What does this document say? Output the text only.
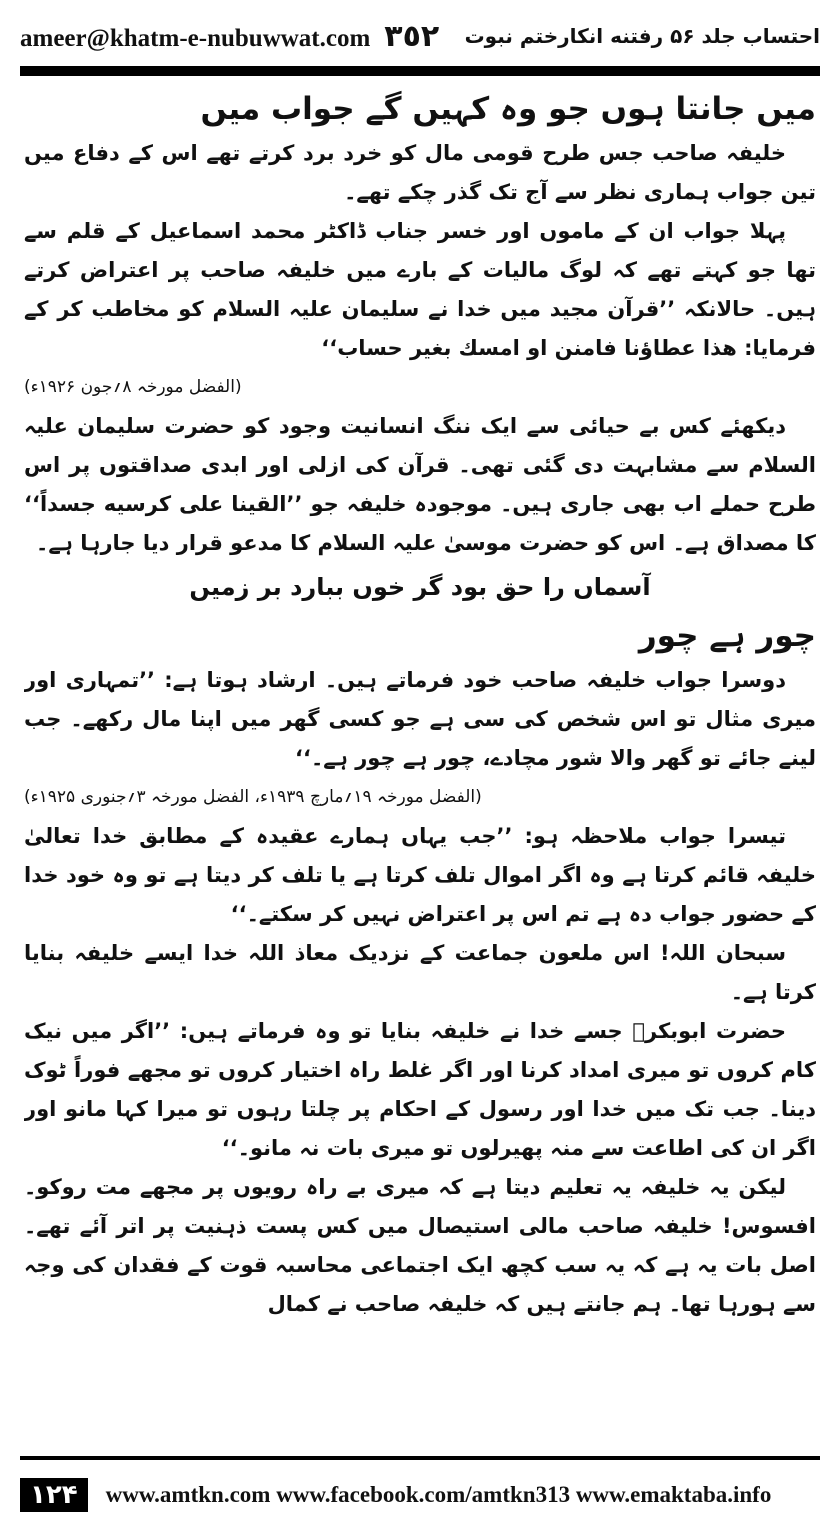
ameer@khatm-e-nubuwwat.com ٣٥٢ احتساب جلد ۵۶ رفتنه انکارختم نبوت
میں جانتا ہوں جو وہ کہیں گے جواب میں

خلیفہ صاحب جس طرح قومی مال کو خرد برد کرتے تھے اس کے دفاع میں تین جواب ہماری نظر سے آج تک گذر چکے تھے۔

پہلا جواب ان کے ماموں اور خسر جناب ڈاکٹر محمد اسماعیل کے قلم سے تھا جو کہتے تھے کہ لوگ مالیات کے بارے میں خلیفہ صاحب پر اعتراض کرتے ہیں۔ حالانکہ ’’قرآن مجید میں خدا نے سلیمان علیہ السلام کو مخاطب کر کے فرمایا: ھذا عطاؤنا فامنن او امسك بغیر حساب‘‘

(الفضل مورخہ ۸؍جون ۱۹۲۶ء)

دیکھئے کس بے حیائی سے ایک ننگ انسانیت وجود کو حضرت سلیمان علیہ السلام سے مشابہت دی گئی تھی۔ قرآن کی ازلی اور ابدی صداقتوں پر اس طرح حملے اب بھی جاری ہیں۔ موجودہ خلیفہ جو ’’القینا علی کرسیه جسداً‘‘ کا مصداق ہے۔ اس کو حضرت موسیٰ علیہ السلام کا مدعو قرار دیا جارہا ہے۔

آسماں را حق بود گر خوں ببارد بر زمیں

چور ہے چور

دوسرا جواب خلیفہ صاحب خود فرماتے ہیں۔ ارشاد ہوتا ہے: ’’تمہاری اور میری مثال تو اس شخص کی سی ہے جو کسی گھر میں اپنا مال رکھے۔ جب لینے جائے تو گھر والا شور مچادے، چور ہے چور ہے۔‘‘

(الفضل مورخہ ۱۹؍مارچ ۱۹۳۹ء، الفضل مورخہ ۳؍جنوری ۱۹۲۵ء)

تیسرا جواب ملاحظہ ہو: ’’جب یہاں ہمارے عقیدہ کے مطابق خدا تعالیٰ خلیفہ قائم کرتا ہے وہ اگر اموال تلف کرتا ہے یا تلف کر دیتا ہے تو وہ خود خدا کے حضور جواب دہ ہے تم اس پر اعتراض نہیں کر سکتے۔‘‘

سبحان اللہ! اس ملعون جماعت کے نزدیک معاذ اللہ خدا ایسے خلیفہ بنایا کرتا ہے۔

حضرت ابوبکرؓ جسے خدا نے خلیفہ بنایا تو وہ فرماتے ہیں: ’’اگر میں نیک کام کروں تو میری امداد کرنا اور اگر غلط راہ اختیار کروں تو مجھے فوراً ٹوک دینا۔ جب تک میں خدا اور رسول کے احکام پر چلتا رہوں تو میرا کہا مانو اور اگر ان کی اطاعت سے منہ پھیرلوں تو میری بات نہ مانو۔‘‘

لیکن یہ خلیفہ یہ تعلیم دیتا ہے کہ میری بے راہ رویوں پر مجھے مت روکو۔ افسوس! خلیفہ صاحب مالی استیصال میں کس پست ذہنیت پر اتر آئے تھے۔ اصل بات یہ ہے کہ یہ سب کچھ ایک اجتماعی محاسبہ قوت کے فقدان کی وجہ سے ہورہا تھا۔ ہم جانتے ہیں کہ خلیفہ صاحب نے کمال

۱۲۴	www.amtkn.com www.facebook.com/amtkn313 www.emaktaba.info
